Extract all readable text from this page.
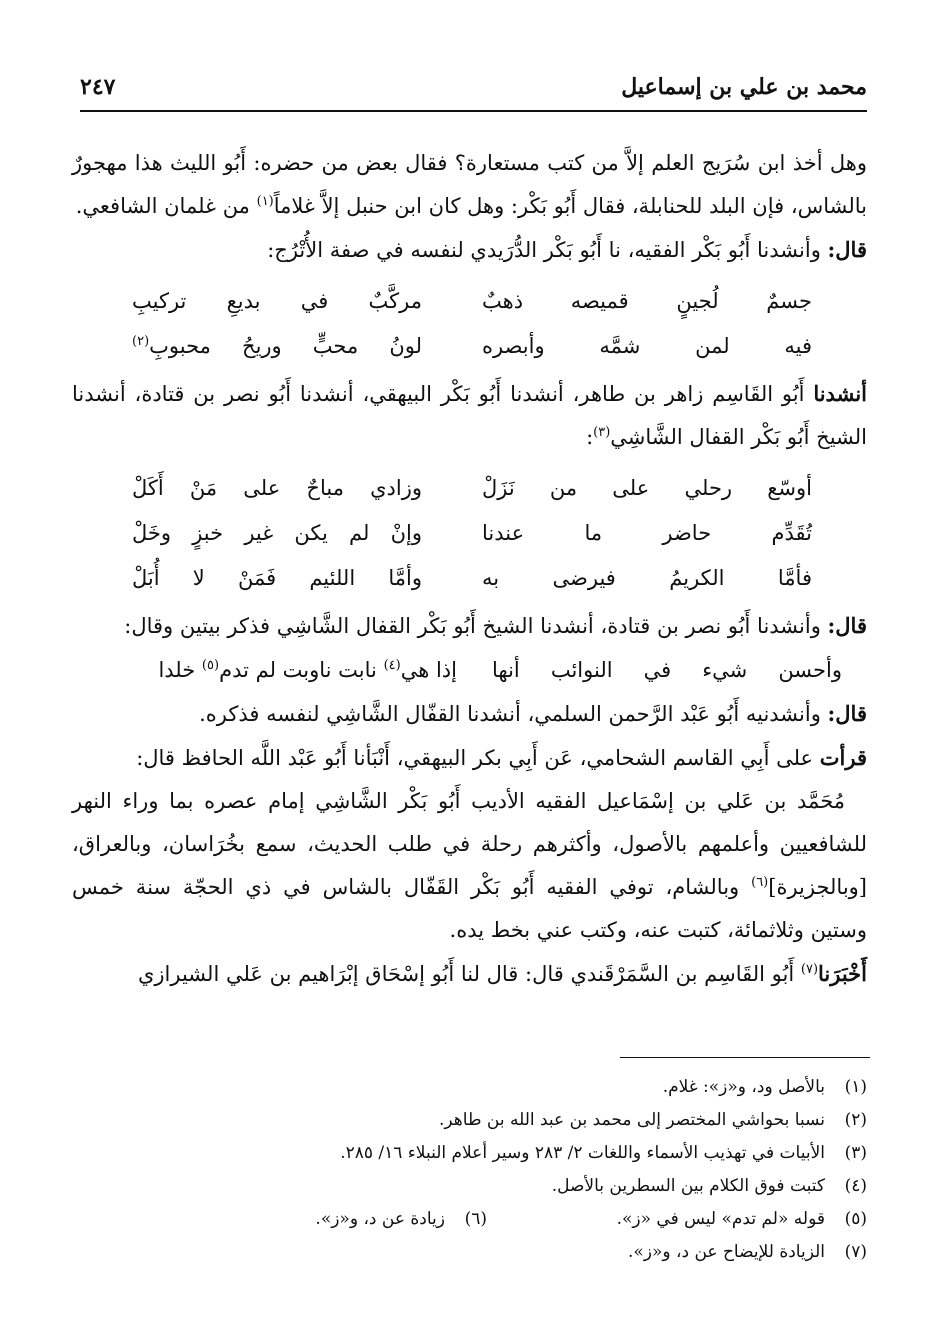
محمد بن علي بن إسماعيل
٢٤٧

وهل أخذ ابن سُرَيج العلم إلاَّ من كتب مستعارة؟ فقال بعض من حضره: أَبُو الليث هذا مهجورٌ بالشاس، فإن البلد للحنابلة، فقال أَبُو بَكْر: وهل كان ابن حنبل إلاَّ غلاماً$^{(١)}$ من غلمان الشافعي.

قال: وأنشدنا أَبُو بَكْر الفقيه، نا أَبُو بَكْر الدُّرَيدي لنفسه في صفة الأُتْرُج:

جسمٌ لُجينٍ قميصه ذهبٌ
مركَّبٌ في بديعِ تركيبِ
فيه لمن شمَّه وأبصره
لونُ محبٍّ وريحُ محبوبِ$^{(٢)}$

أنشدنا أَبُو القَاسِم زاهر بن طاهر، أنشدنا أَبُو بَكْر البيهقي، أنشدنا أَبُو نصر بن قتادة، أنشدنا الشيخ أَبُو بَكْر القفال الشَّاشِي$^{(٣)}$:

أوسّع رحلي على من نَزَلْ
وزادي مباحٌ على مَنْ أَكَلْ
تُقَدِّم حاضر ما عندنا
وإنْ لم يكن غير خبزٍ وخَلْ
فأمَّا الكريمُ فيرضى به
وأمَّا اللئيم فَمَنْ لا أُبَلْ

قال: وأنشدنا أَبُو نصر بن قتادة، أنشدنا الشيخ أَبُو بَكْر القفال الشَّاشِي فذكر بيتين وقال:

وأحسن شيء في النوائب أنها
إذا هي$^{(٤)}$ نابت ناوبت لم تدم$^{(٥)}$ خلدا

قال: وأنشدنيه أَبُو عَبْد الرَّحمن السلمي، أنشدنا القفّال الشَّاشِي لنفسه فذكره.

قرأت على أَبِي القاسم الشحامي، عَن أَبِي بكر البيهقي، أَنْبَأنا أَبُو عَبْد اللَّه الحافظ قال:

مُحَمَّد بن عَلي بن إسْمَاعيل الفقيه الأديب أَبُو بَكْر الشَّاشِي إمام عصره بما وراء النهر للشافعيين وأعلمهم بالأصول، وأكثرهم رحلة في طلب الحديث، سمع بخُرَاسان، وبالعراق، [وبالجزيرة]$^{(٦)}$ وبالشام، توفي الفقيه أَبُو بَكْر القَفّال بالشاس في ذي الحجّة سنة خمس وستين وثلاثمائة، كتبت عنه، وكتب عني بخط يده.

أَخْبَرَنا$^{(٧)}$ أَبُو القَاسِم بن السَّمَرْقَندي قال: قال لنا أَبُو إسْحَاق إبْرَاهيم بن عَلي الشيرازي

(١)
بالأصل ود، و«ز»: غلام.
(٢)
نسبا بحواشي المختصر إلى محمد بن عبد الله بن طاهر.
(٣)
الأبيات في تهذيب الأسماء واللغات ٢/ ٢٨٣ وسير أعلام النبلاء ١٦/ ٢٨٥.
(٤)
كتبت فوق الكلام بين السطرين بالأصل.
(٥)
قوله «لم تدم» ليس في «ز».
(٦)
زيادة عن د، و«ز».
(٧)
الزيادة للإيضاح عن د، و«ز».
